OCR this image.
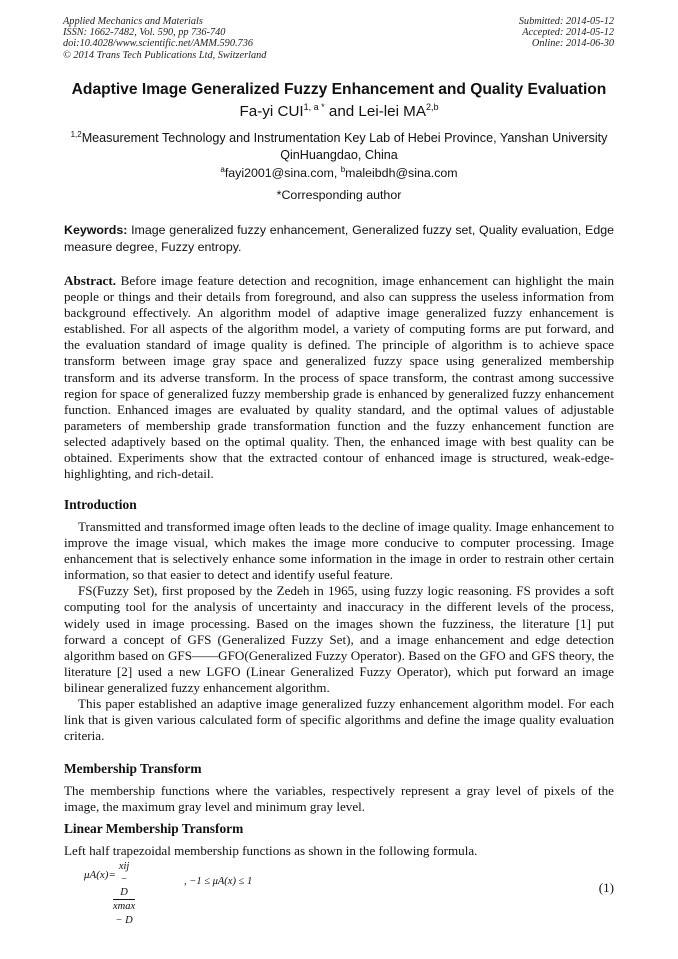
Applied Mechanics and Materials
ISSN: 1662-7482, Vol. 590, pp 736-740
doi:10.4028/www.scientific.net/AMM.590.736
© 2014 Trans Tech Publications Ltd, Switzerland
Submitted: 2014-05-12
Accepted: 2014-05-12
Online: 2014-06-30
Adaptive Image Generalized Fuzzy Enhancement and Quality Evaluation
Fa-yi $CUI^{1, a *}$ and Lei-lei MA$^{2,b}$
$^{1,2}$Measurement Technology and Instrumentation Key Lab of Hebei Province, Yanshan University QinHuangdao, China
$^a$fayi2001@sina.com, $^b$maleibdh@sina.com
*Corresponding author
Keywords: Image generalized fuzzy enhancement, Generalized fuzzy set, Quality evaluation, Edge measure degree, Fuzzy entropy.

Abstract. Before image feature detection and recognition, image enhancement can highlight the main people or things and their details from foreground, and also can suppress the useless information from background effectively. An algorithm model of adaptive image generalized fuzzy enhancement is established. For all aspects of the algorithm model, a variety of computing forms are put forward, and the evaluation standard of image quality is defined. The principle of algorithm is to achieve space transform between image gray space and generalized fuzzy space using generalized membership transform and its adverse transform. In the process of space transform, the contrast among successive region for space of generalized fuzzy membership grade is enhanced by generalized fuzzy enhancement function. Enhanced images are evaluated by quality standard, and the optimal values of adjustable parameters of membership grade transformation function and the fuzzy enhancement function are selected adaptively based on the optimal quality. Then, the enhanced image with best quality can be obtained. Experiments show that the extracted contour of enhanced image is structured, weak-edge-highlighting, and rich-detail.

Introduction

Transmitted and transformed image often leads to the decline of image quality. Image enhancement to improve the image visual, which makes the image more conducive to computer processing. Image enhancement that is selectively enhance some information in the image in order to restrain other certain information, so that easier to detect and identify useful feature.

FS(Fuzzy Set), first proposed by the Zedeh in 1965, using fuzzy logic reasoning. FS provides a soft computing tool for the analysis of uncertainty and inaccuracy in the different levels of the process, widely used in image processing. Based on the images shown the fuzziness, the literature [1] put forward a concept of GFS (Generalized Fuzzy Set), and a image enhancement and edge detection algorithm based on GFS——GFO(Generalized Fuzzy Operator). Based on the GFO and GFS theory, the literature [2] used a new LGFO (Linear Generalized Fuzzy Operator), which put forward an image bilinear generalized fuzzy enhancement algorithm.

This paper established an adaptive image generalized fuzzy enhancement algorithm model. For each link that is given various calculated form of specific algorithms and define the image quality evaluation criteria.

Membership Transform

The membership functions where the variables, respectively represent a gray level of pixels of the image, the maximum gray level and minimum gray level.

Linear Membership Transform

Left half trapezoidal membership functions as shown in the following formula.

μA(x)=
xij − D
xmax − D
, −1 ≤ μA(x) ≤ 1	(1)
